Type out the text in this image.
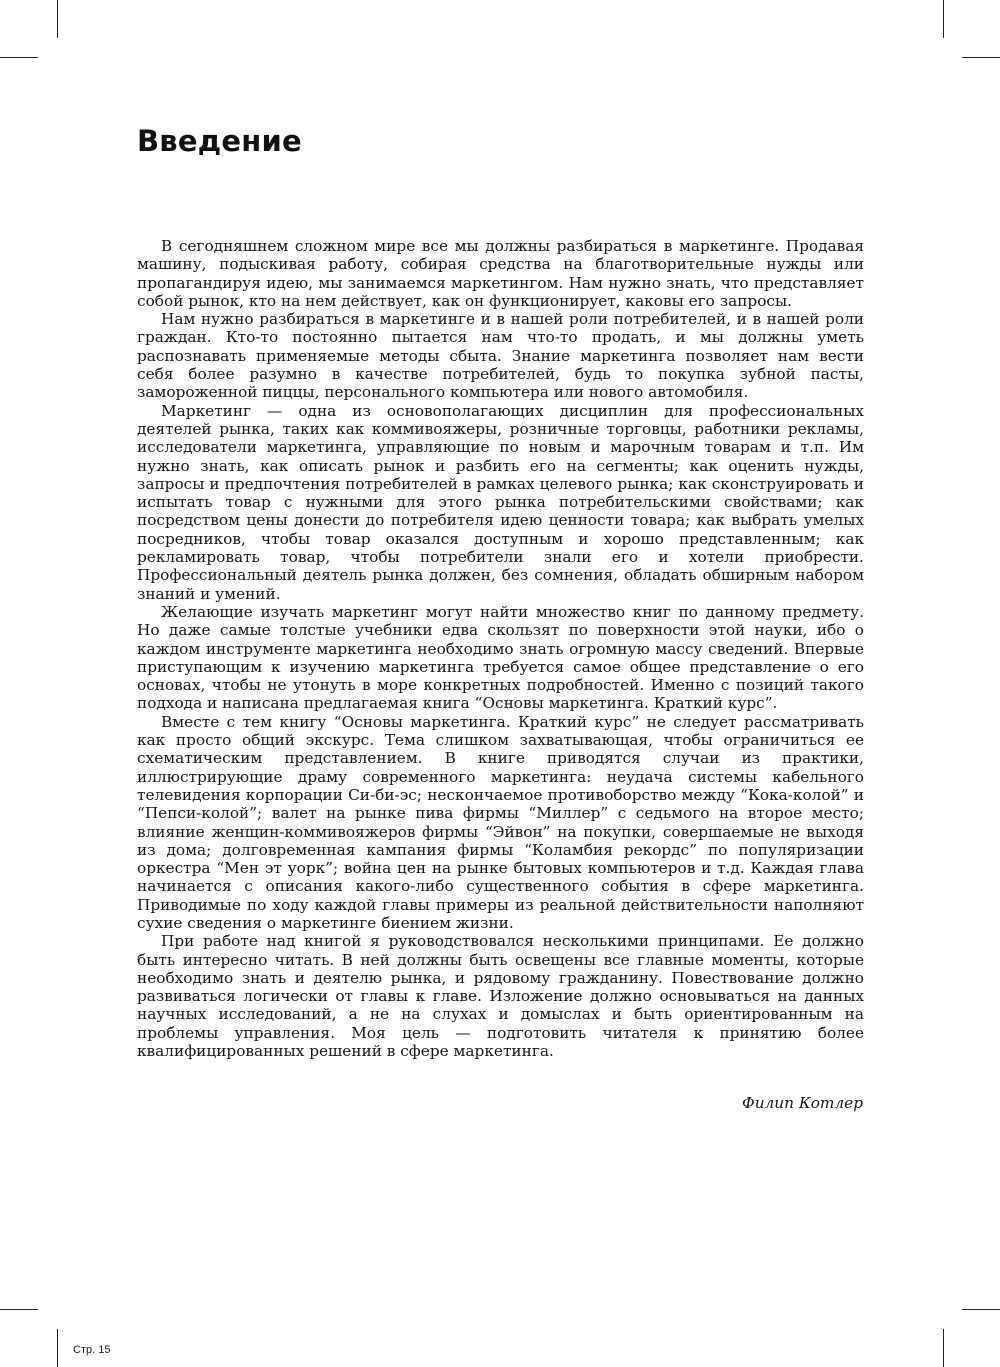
Введение

В сегодняшнем сложном мире все мы должны разбираться в маркетинге. Продавая машину, подыскивая работу, собирая средства на благотворительные нужды или пропагандируя идею, мы занимаемся маркетингом. Нам нужно знать, что представляет собой рынок, кто на нем действует, как он функционирует, каковы его запросы.

Нам нужно разбираться в маркетинге и в нашей роли потребителей, и в нашей роли граждан. Кто-то постоянно пытается нам что-то продать, и мы должны уметь распознавать применяемые методы сбыта. Знание маркетинга позволяет нам вести себя более разумно в качестве потребителей, будь то покупка зубной пасты, замороженной пиццы, персонального компьютера или нового автомобиля.

Маркетинг — одна из основополагающих дисциплин для профессиональных деятелей рынка, таких как коммивояжеры, розничные торговцы, работники рекламы, исследователи маркетинга, управляющие по новым и марочным товарам и т.п. Им нужно знать, как описать рынок и разбить его на сегменты; как оценить нужды, запросы и предпочтения потребителей в рамках целевого рынка; как сконструировать и испытать товар с нужными для этого рынка потребительскими свойствами; как посредством цены донести до потребителя идею ценности товара; как выбрать умелых посредников, чтобы товар оказался доступным и хорошо представленным; как рекламировать товар, чтобы потребители знали его и хотели приобрести. Профессиональный деятель рынка должен, без сомнения, обладать обширным набором знаний и умений.

Желающие изучать маркетинг могут найти множество книг по данному предмету. Но даже самые толстые учебники едва скользят по поверхности этой науки, ибо о каждом инструменте маркетинга необходимо знать огромную массу сведений. Впервые приступающим к изучению маркетинга требуется самое общее представление о его основах, чтобы не утонуть в море конкретных подробностей. Именно с позиций такого подхода и написана предлагаемая книга “Основы маркетинга. Краткий курс”.

Вместе с тем книгу “Основы маркетинга. Краткий курс” не следует рассматривать как просто общий экскурс. Тема слишком захватывающая, чтобы ограничиться ее схематическим представлением. В книге приводятся случаи из практики, иллюстрирующие драму современного маркетинга: неудача системы кабельного телевидения корпорации Си-би-эс; нескончаемое противоборство между “Кока-колой” и “Пепси-колой”; валет на рынке пива фирмы “Миллер” с седьмого на второе место; влияние женщин-коммивояжеров фирмы “Эйвон” на покупки, совершаемые не выходя из дома; долговременная кампания фирмы “Коламбия рекордс” по популяризации оркестра “Мен эт уорк”; война цен на рынке бытовых компьютеров и т.д. Каждая глава начинается с описания какого-либо существенного события в сфере маркетинга. Приводимые по ходу каждой главы примеры из реальной действительности наполняют сухие сведения о маркетинге биением жизни.

При работе над книгой я руководствовался несколькими принципами. Ее должно быть интересно читать. В ней должны быть освещены все главные моменты, которые необходимо знать и деятелю рынка, и рядовому гражданину. Повествование должно развиваться логически от главы к главе. Изложение должно основываться на данных научных исследований, а не на слухах и домыслах и быть ориентированным на проблемы управления. Моя цель — подготовить читателя к принятию более квалифицированных решений в сфере маркетинга.

Филип Котлер
Стр. 15
